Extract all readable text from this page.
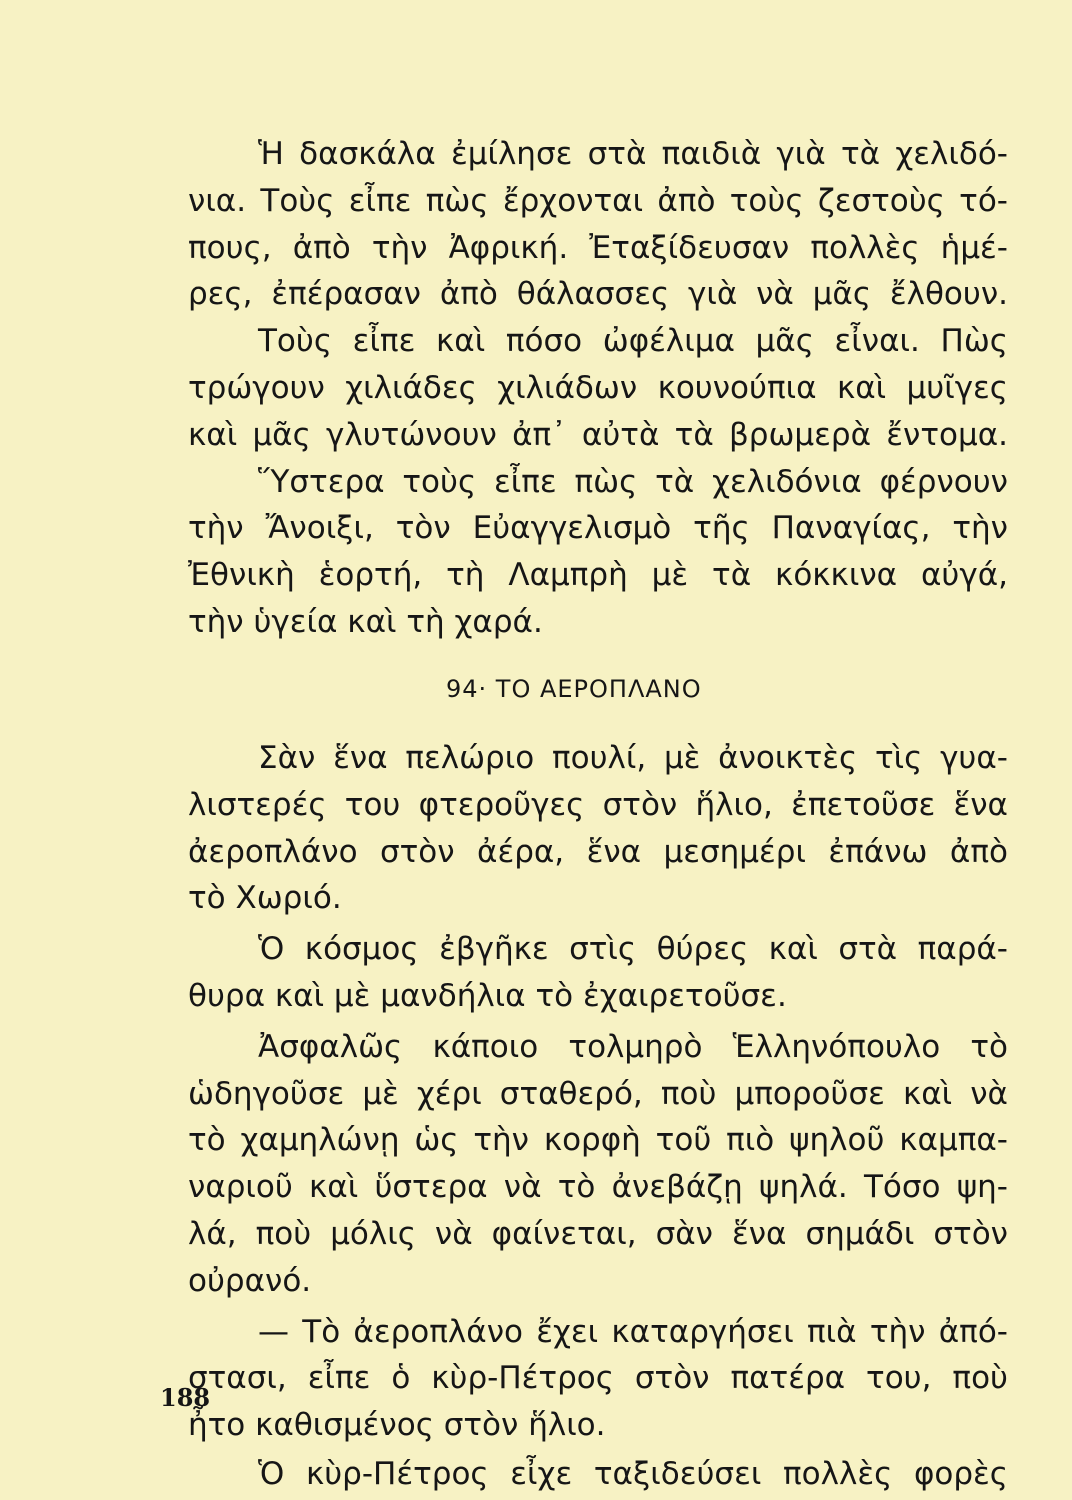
Ἡ δασκάλα ἐμίλησε στὰ παιδιὰ γιὰ τὰ χελιδό-
νια. Τοὺς εἶπε πὼς ἔρχονται ἀπὸ τοὺς ζεστοὺς τό-
πους, ἀπὸ τὴν Ἀφρική. Ἐταξίδευσαν πολλὲς ἡμέ-
ρες, ἐπέρασαν ἀπὸ θάλασσες γιὰ νὰ μᾶς ἔλθουν.
Τοὺς εἶπε καὶ πόσο ὠφέλιμα μᾶς εἶναι. Πὼς
τρώγουν χιλιάδες χιλιάδων κουνούπια καὶ μυῖγες
καὶ μᾶς γλυτώνουν ἀπ᾿ αὐτὰ τὰ βρωμερὰ ἔντομα.
Ὕστερα τοὺς εἶπε πὼς τὰ χελιδόνια φέρνουν
τὴν Ἄνοιξι, τὸν Εὐαγγελισμὸ τῆς Παναγίας, τὴν
Ἐθνικὴ ἑορτή, τὴ Λαμπρὴ μὲ τὰ κόκκινα αὐγά,
τὴν ὑγεία καὶ τὴ χαρά.
94· ΤΟ ΑΕΡΟΠΛΑΝΟ
Σὰν ἕνα πελώριο πουλί, μὲ ἀνοικτὲς τὶς γυα-
λιστερές του φτεροῦγες στὸν ἥλιο, ἐπετοῦσε ἕνα
ἀεροπλάνο στὸν ἀέρα, ἕνα μεσημέρι ἐπάνω ἀπὸ
τὸ Χωριό.
Ὁ κόσμος ἐβγῆκε στὶς θύρες καὶ στὰ παρά-
θυρα καὶ μὲ μανδήλια τὸ ἐχαιρετοῦσε.
Ἀσφαλῶς κάποιο τολμηρὸ Ἑλληνόπουλο τὸ
ὡδηγοῦσε μὲ χέρι σταθερό, ποὺ μποροῦσε καὶ νὰ
τὸ χαμηλώνῃ ὡς τὴν κορφὴ τοῦ πιὸ ψηλοῦ καμπα-
ναριοῦ καὶ ὕστερα νὰ τὸ ἀνεβάζῃ ψηλά. Τόσο ψη-
λά, ποὺ μόλις νὰ φαίνεται, σὰν ἕνα σημάδι στὸν
οὐρανό.
— Τὸ ἀεροπλάνο ἔχει καταργήσει πιὰ τὴν ἀπό-
στασι, εἶπε ὁ κὺρ-Πέτρος στὸν πατέρα του, ποὺ
ἦτο καθισμένος στὸν ἥλιο.
Ὁ κὺρ-Πέτρος εἶχε ταξιδεύσει πολλὲς φορὲς
188
